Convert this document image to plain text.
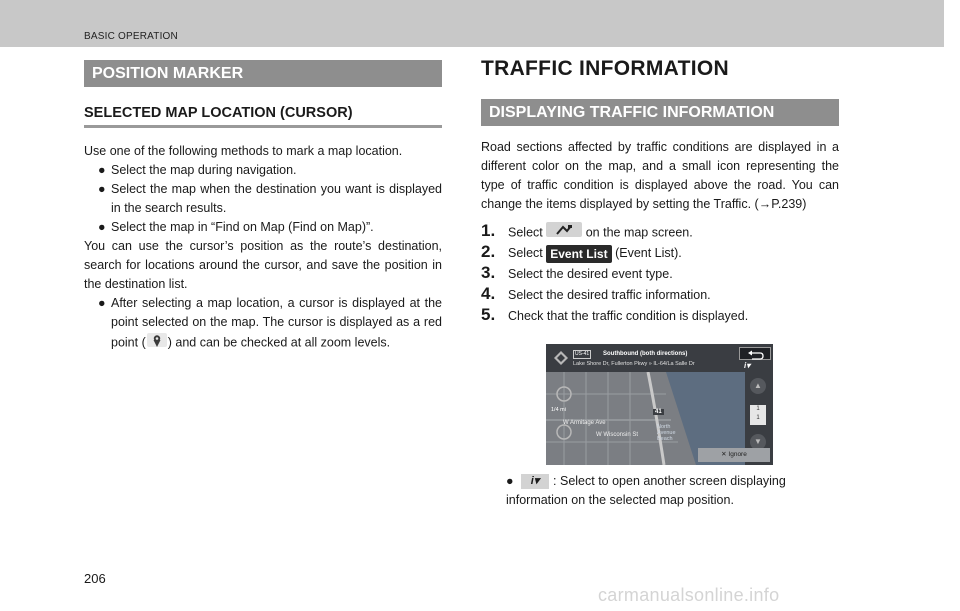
BASIC OPERATION
POSITION MARKER
SELECTED MAP LOCATION (CURSOR)

Use one of the following methods to mark a map location.

● Select the map during navigation.
● Select the map when the destination you want is displayed in the search results.
● Select the map in “Find on Map (Find on Map)”.

You can use the cursor’s position as the route’s destination, search for locations around the cursor, and save the position in the destination list.

● After selecting a map location, a cursor is displayed at the point selected on the map. The cursor is displayed as a red point ( ) and can be checked at all zoom levels.
TRAFFIC INFORMATION
DISPLAYING TRAFFIC INFORMATION

Road sections affected by traffic conditions are displayed in a different color on the map, and a small icon representing the type of traffic condition is displayed above the road. You can change the items displayed by setting the Traffic. (→P.239)

1. Select	on the map screen.
2. Select Event List (Event List).
3. Select the desired event type.
4. Select the desired traffic information.
5. Check that the traffic condition is displayed.
US-41	Southbound (both directions)
Lake Shore Dr, Fullerton Pkwy » IL-64/La Salle Dr	i▾
▲
1
1
▼
41
1/4 mi
W Armitage Ave
W Wisconsin St
North Avenue Beach
✕ Ignore
● i▾ : Select to open another screen displaying information on the selected map position.
206
carmanualsonline.info
